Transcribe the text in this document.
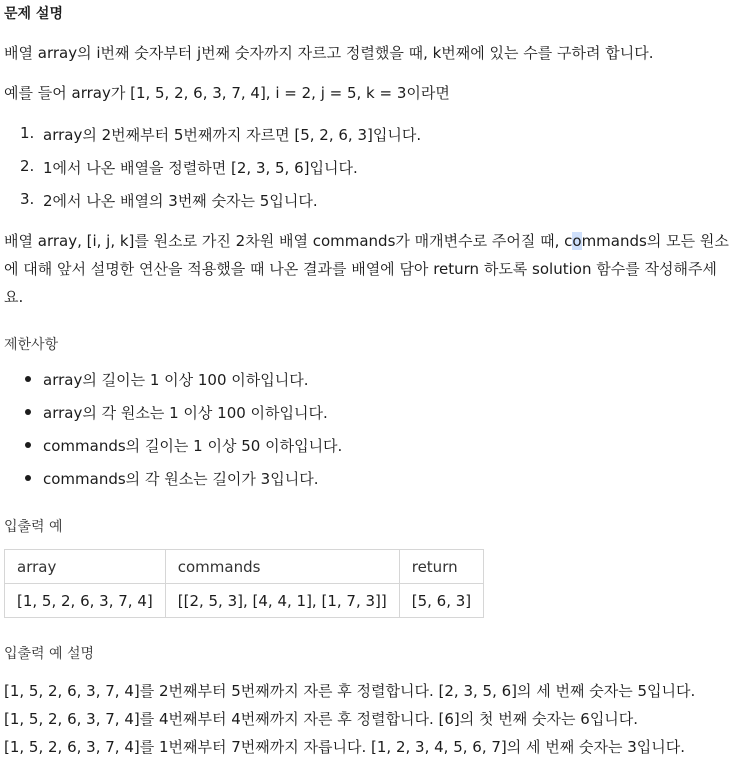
문제 설명
배열 array의 i번째 숫자부터 j번째 숫자까지 자르고 정렬했을 때, k번째에 있는 수를 구하려 합니다.
예를 들어 array가 [1, 5, 2, 6, 3, 7, 4], i = 2, j = 5, k = 3이라면
1. array의 2번째부터 5번째까지 자르면 [5, 2, 6, 3]입니다.
2. 1에서 나온 배열을 정렬하면 [2, 3, 5, 6]입니다.
3. 2에서 나온 배열의 3번째 숫자는 5입니다.
배열 array, [i, j, k]를 원소로 가진 2차원 배열 commands가 매개변수로 주어질 때, commands의 모든 원소
에 대해 앞서 설명한 연산을 적용했을 때 나온 결과를 배열에 담아 return 하도록 solution 함수를 작성해주세
요.
제한사항
array의 길이는 1 이상 100 이하입니다.
array의 각 원소는 1 이상 100 이하입니다.
commands의 길이는 1 이상 50 이하입니다.
commands의 각 원소는 길이가 3입니다.
입출력 예
array	commands	return
[1, 5, 2, 6, 3, 7, 4]	[[2, 5, 3], [4, 4, 1], [1, 7, 3]]	[5, 6, 3]
입출력 예 설명
[1, 5, 2, 6, 3, 7, 4]를 2번째부터 5번째까지 자른 후 정렬합니다. [2, 3, 5, 6]의 세 번째 숫자는 5입니다.
[1, 5, 2, 6, 3, 7, 4]를 4번째부터 4번째까지 자른 후 정렬합니다. [6]의 첫 번째 숫자는 6입니다.
[1, 5, 2, 6, 3, 7, 4]를 1번째부터 7번째까지 자릅니다. [1, 2, 3, 4, 5, 6, 7]의 세 번째 숫자는 3입니다.
